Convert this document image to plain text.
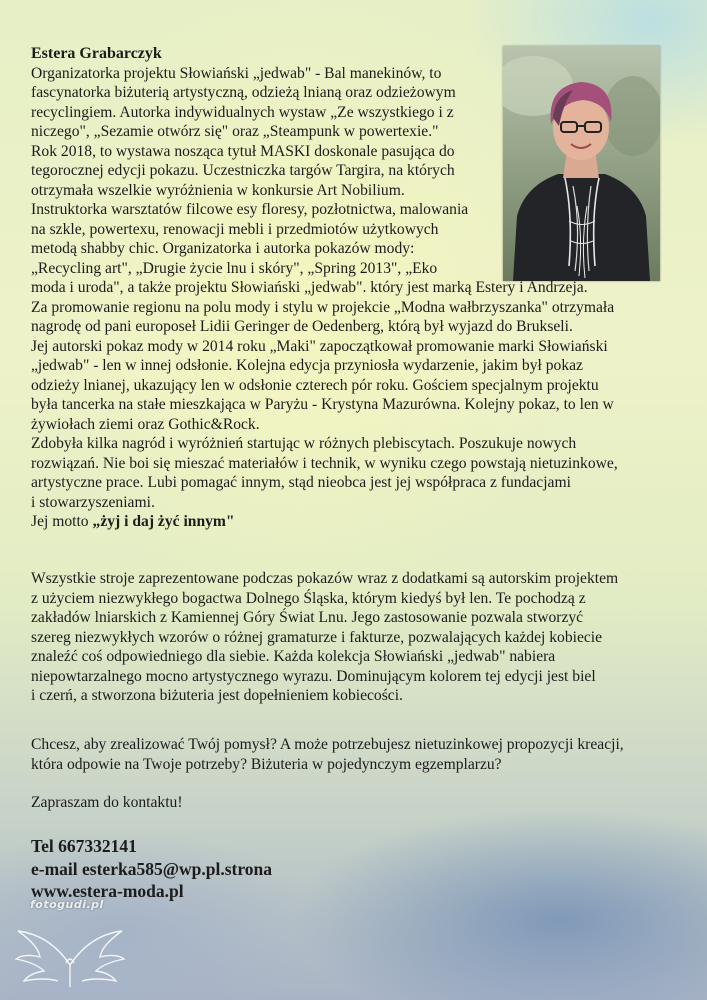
Estera Grabarczyk

Organizatorka projektu Słowiański „jedwab" - Bal manekinów, to

fascynatorka biżuterią artystyczną, odzieżą lnianą oraz odzieżowym

recyclingiem. Autorka indywidualnych wystaw „Ze wszystkiego i z

niczego", „Sezamie otwórz się" oraz „Steampunk w powertexie."

Rok 2018, to wystawa nosząca tytuł MASKI doskonale pasująca do

tegorocznej edycji pokazu. Uczestniczka targów Targira, na których

otrzymała wszelkie wyróżnienia w konkursie Art Nobilium.

Instruktorka warsztatów filcowe esy floresy, pozłotnictwa, malowania

na szkle, powertexu, renowacji mebli i przedmiotów użytkowych

metodą shabby chic. Organizatorka i autorka pokazów mody:

„Recycling art", „Drugie życie lnu i skóry", „Spring 2013", „Eko

moda i uroda", a także projektu Słowiański „jedwab". który jest marką Estery i Andrzeja.

Za promowanie regionu na polu mody i stylu w projekcie „Modna wałbrzyszanka" otrzymała

nagrodę od pani europoseł Lidii Geringer de Oedenberg, którą był wyjazd do Brukseli.

Jej autorski pokaz mody w 2014 roku „Maki" zapoczątkował promowanie marki Słowiański

„jedwab" - len w innej odsłonie. Kolejna edycja przyniosła wydarzenie, jakim był pokaz

odzieży lnianej, ukazujący len w odsłonie czterech pór roku. Gościem specjalnym projektu

była tancerka na stałe mieszkająca w Paryżu - Krystyna Mazurówna. Kolejny pokaz, to len w

żywiołach ziemi oraz Gothic&Rock.

Zdobyła kilka nagród i wyróżnień startując w różnych plebiscytach. Poszukuje nowych

rozwiązań. Nie boi się mieszać materiałów i technik, w wyniku czego powstają nietuzinkowe,

artystyczne prace. Lubi pomagać innym, stąd nieobca jest jej współpraca z fundacjami

i stowarzyszeniami.

Jej motto „żyj i daj żyć innym"

Wszystkie stroje zaprezentowane podczas pokazów wraz z dodatkami są autorskim projektem

z użyciem niezwykłego bogactwa Dolnego Śląska, którym kiedyś był len. Te pochodzą z

zakładów lniarskich z Kamiennej Góry Świat Lnu. Jego zastosowanie pozwala stworzyć

szereg niezwykłych wzorów o różnej gramaturze i fakturze, pozwalających każdej kobiecie

znaleźć coś odpowiedniego dla siebie. Każda kolekcja Słowiański „jedwab" nabiera

niepowtarzalnego mocno artystycznego wyrazu. Dominującym kolorem tej edycji jest biel

i czerń, a stworzona biżuteria jest dopełnieniem kobiecości.

Chcesz, aby zrealizować Twój pomysł? A może potrzebujesz nietuzinkowej propozycji kreacji,

która odpowie na Twoje potrzeby? Biżuteria w pojedynczym egzemplarzu?

Zapraszam do kontaktu!

Tel 667332141
e-mail esterka585@wp.pl.strona
www.estera-moda.pl
fotogudi.pl
